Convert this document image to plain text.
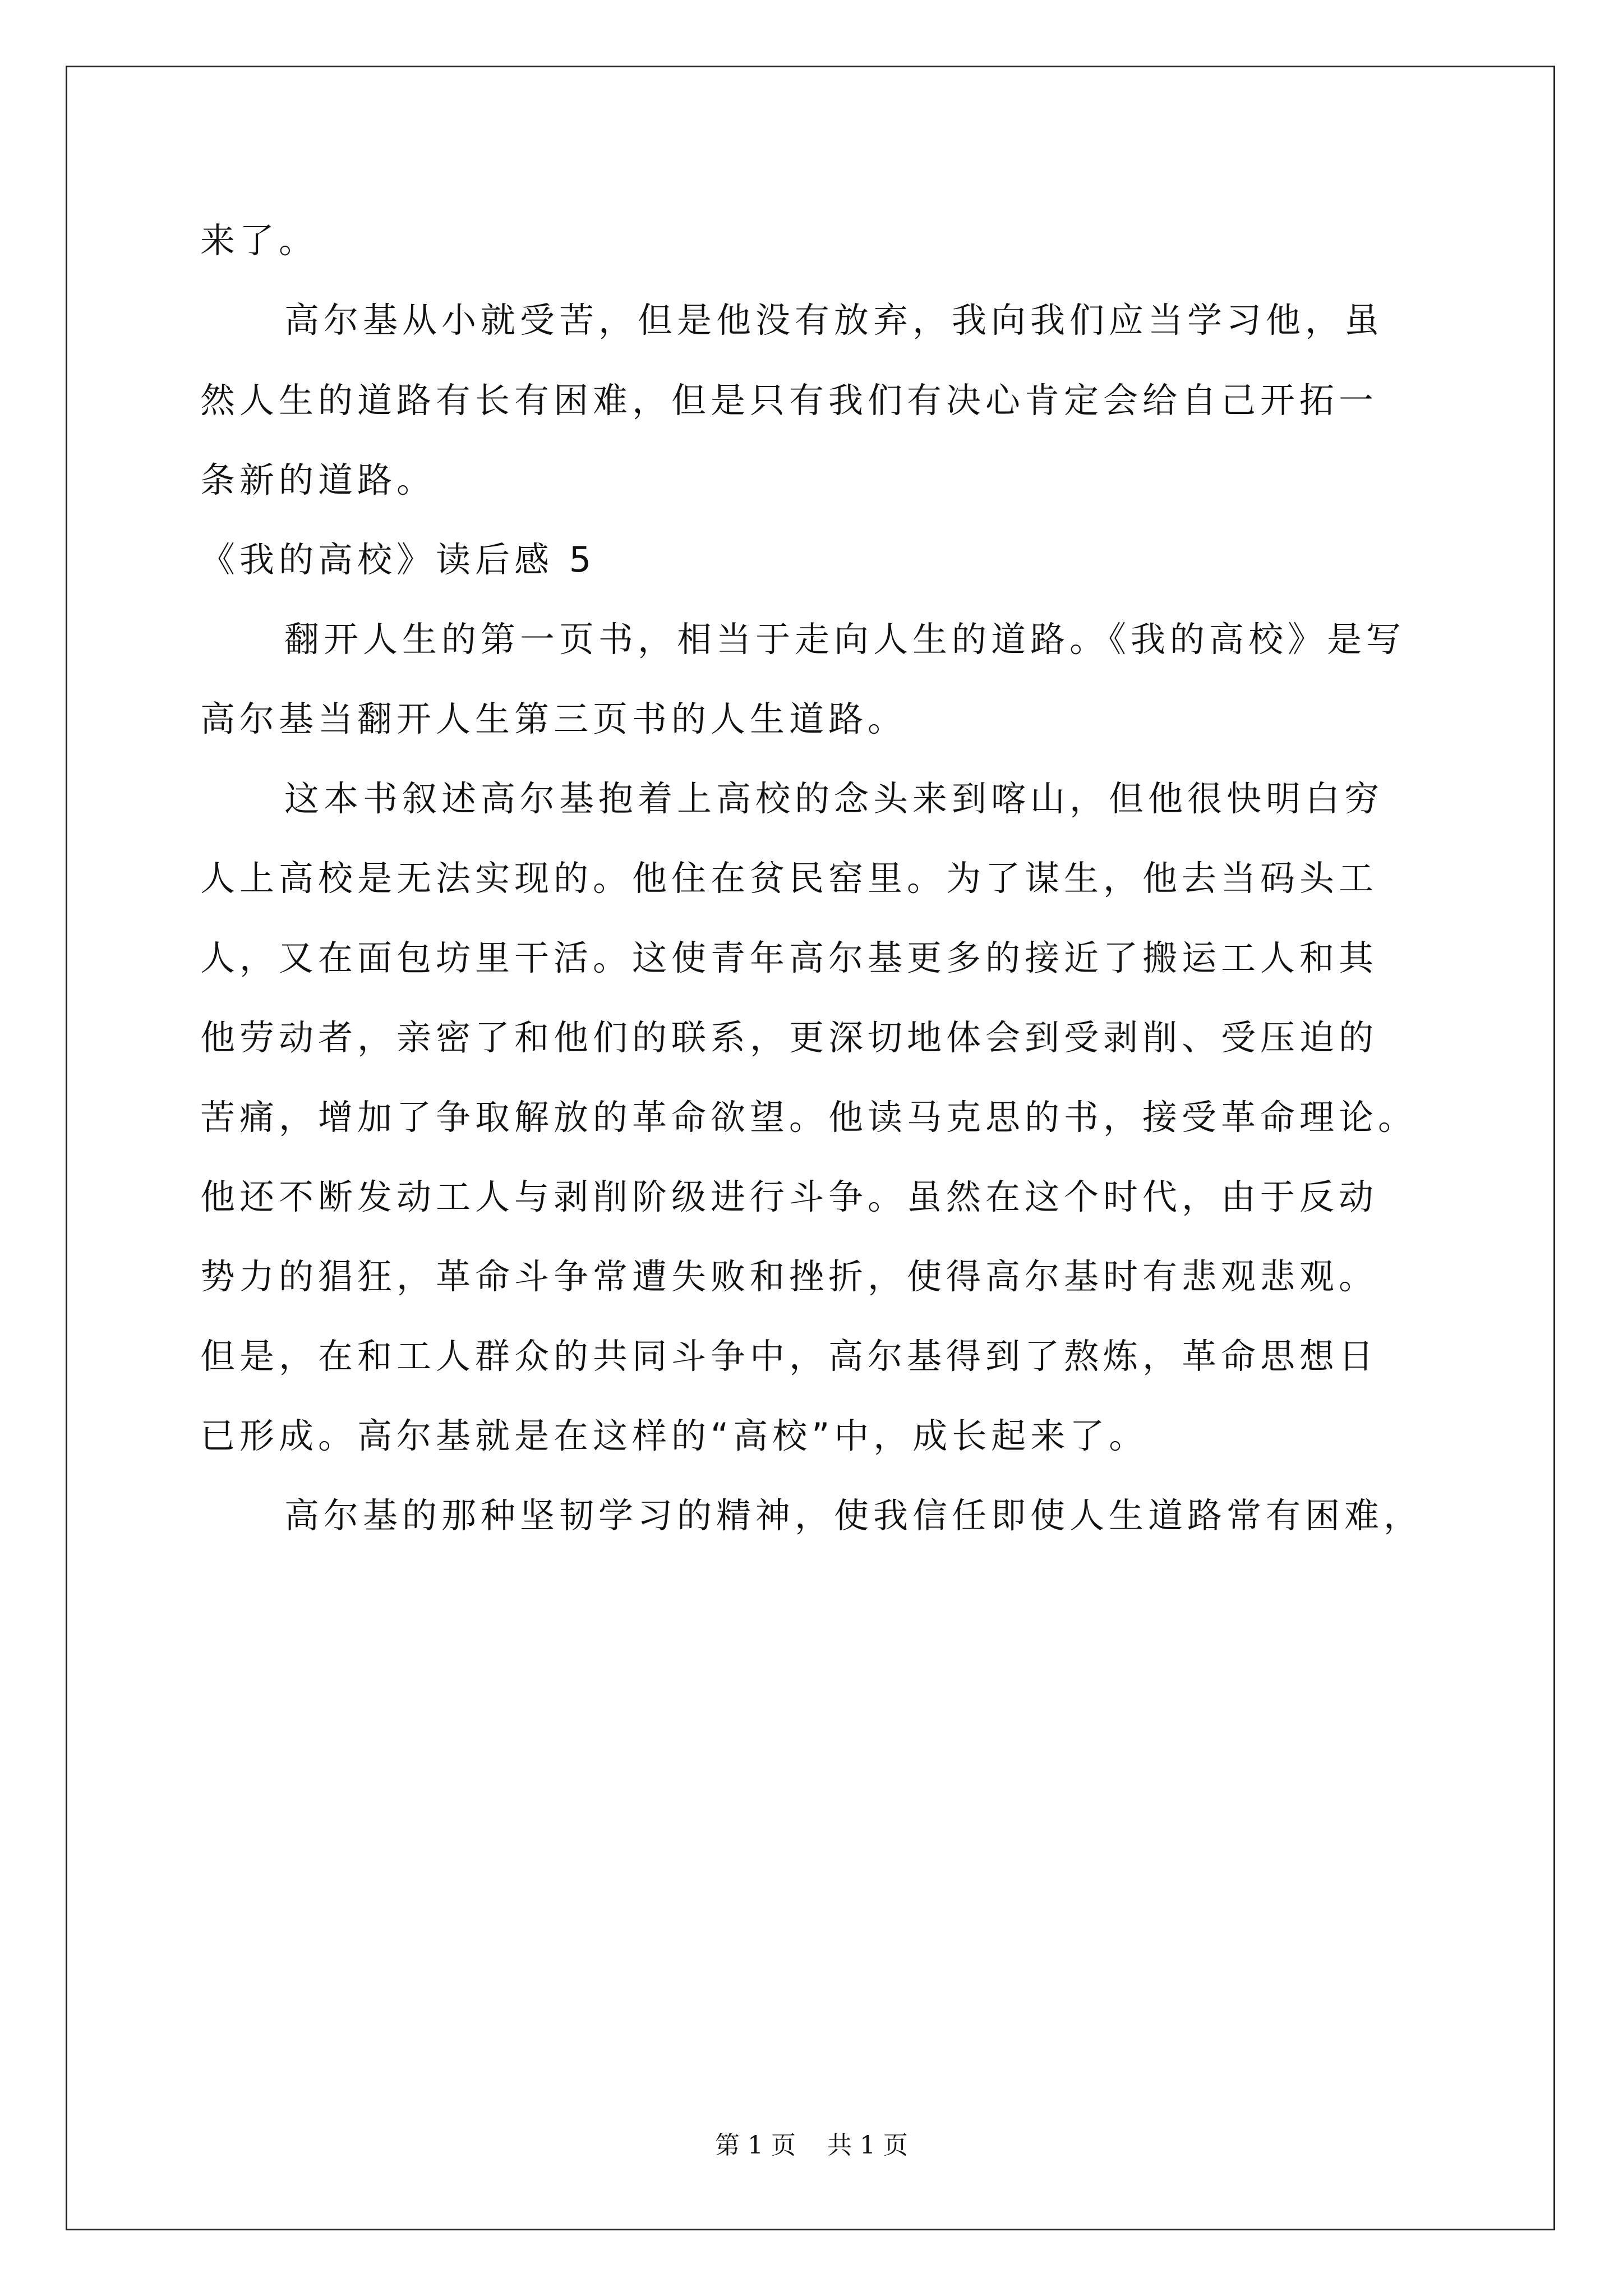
来了。
高尔基从小就受苦，但是他没有放弃，我向我们应当学习他，虽
然人生的道路有长有困难，但是只有我们有决心肯定会给自己开拓一
条新的道路。
《我的高校》读后感 5
翻开人生的第一页书，相当于走向人生的道路。《我的高校》是写
高尔基当翻开人生第三页书的人生道路。
这本书叙述高尔基抱着上高校的念头来到喀山，但他很快明白穷
人上高校是无法实现的。他住在贫民窑里。为了谋生，他去当码头工
人，又在面包坊里干活。这使青年高尔基更多的接近了搬运工人和其
他劳动者，亲密了和他们的联系，更深切地体会到受剥削、受压迫的
苦痛，增加了争取解放的革命欲望。他读马克思的书，接受革命理论。
他还不断发动工人与剥削阶级进行斗争。虽然在这个时代，由于反动
势力的猖狂，革命斗争常遭失败和挫折，使得高尔基时有悲观悲观。
但是，在和工人群众的共同斗争中，高尔基得到了熬炼，革命思想日
已形成。高尔基就是在这样的“高校”中，成长起来了。
高尔基的那种坚韧学习的精神，使我信任即使人生道路常有困难，
第 1 页    共 1 页
